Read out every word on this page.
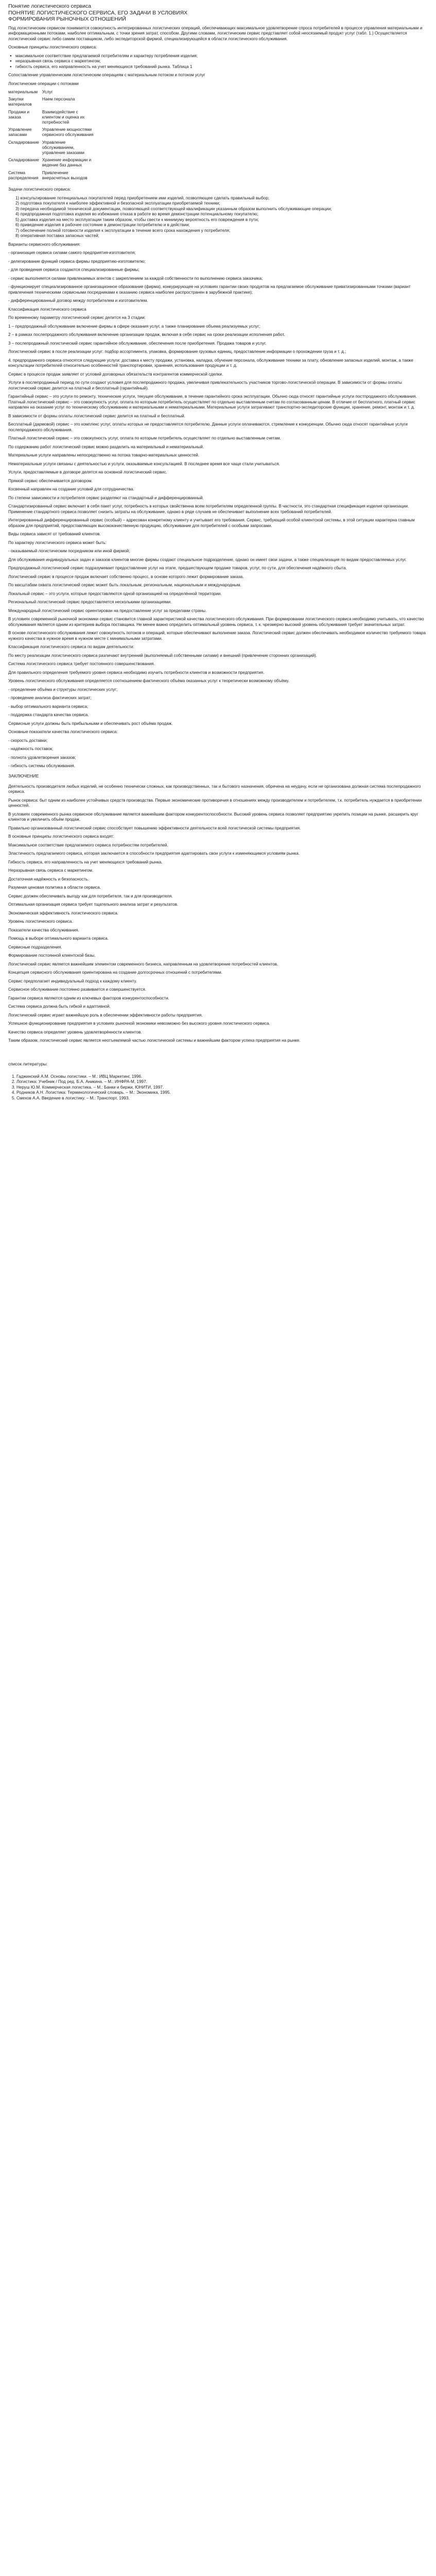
Понятие логистического сервиса
ПОНЯТИЕ ЛОГИСТИЧЕСКОГО СЕРВИСА, ЕГО ЗАДАЧИ В УСЛОВИЯХ
ФОРМИРОВАНИЯ РЫНОЧНЫХ ОТНОШЕНИЙ

Под логистическим сервисом понимается совокупность интегрированных логистических операций, обеспечивающих максимальное удовлетворение спроса потребителей в процессе управления материальными и информационными потоками, наиболее оптимальным, с точки зрения затрат, способом. Другими словами, логистическим сервис представляет собой неосязаемый продукт услуг (табл. 1.) Осуществляется логистический сервис либо самим поставщиком, либо экспедиторской фирмой, специализирующейся в области логистического обслуживания.

Основные принципы логистического сервиса:

● максимальное соответствие предлагаемой потребителям и характеру потребления изделия;
● неразрывная связь сервиса с маркетингом;
● гибкость сервиса, его направленность на учет меняющихся требований рынка. Таблица 1

Сопоставление управленческим логистическим операциям с материальным потоком и потоком услуг

Логистические операции с потоками

материальным	Услуг
Закупки материалов	Наем персонала
Продажи и заказа	Взаимодействие с клиентом и оценка их потребностей
Управление запасами	Управление мощностями сервисного обслуживания
Складирование	Управление обслуживанием, управление заказами
Складирование	Хранение информации и ведение баз данных
Система распределения	Привлечение внерасчетных выходов

Задачи логистического сервиса:

1) консультирование потенциальных покупателей перед приобретением ими изделий, позволяющее сделать правильный выбор;
2) подготовка покупателя к наиболее эффективной и безопасной эксплуатации приобретаемой техники;
3) передача необходимой технической документации, позволяющей соответствующей квалификации указанным образом выполнить обслуживающие операции;
4) предпродажная подготовка изделия во избежание отказа в работе во время демонстрации потенциальному покупателю;
5) доставка изделия на место эксплуатации таким образом, чтобы свести к минимуму вероятность его повреждения в пути;
6) приведение изделия в рабочее состояние в демонстрации потребителю и в действии;
7) обеспечение полной готовности изделия к эксплуатации в течение всего срока нахождения у потребителя;
8) оперативная поставка запасных частей;

Варианты сервисного обслуживания:

- организация сервиса силами самого предприятия-изготовителя;

- делегирование функций сервиса фирмы предприятию-изготовителю;

- для проведения сервиса создаются специализированные фирмы;

- сервис выполняется силами привлекаемых агентов с закреплением за каждой собственности по выполнению сервиса заказчика;

- функционирует специализированное организационное образование (фирма), конкурирующее на условиях гарантии своих продуктов на предлагаемое обслуживание приватизированными точками (вариант привлечения техническими сервисными посредниками к оказанию сервиса наиболее распространен в зарубежной практике);

- дифференцированный договор между потребителем и изготовителем.

Классификация логистического сервиса

По временному параметру логистический сервис делится на 3 стадии:

1 – предпродажный обслуживание включение фирмы в сфере оказания услуг, а также планирование объема реализуемых услуг;

2 – в рамках послепродажного обслуживания включение организации продаж, включая в себя сервис на сроки реализации исполнения работ.

3 – послепродажный логистический сервис гарантийное обслуживание, обеспечения после приобретения. Продажа товаров и услуг.

Логистический сервис в после реализации услуг: подбор ассортимента, упаковка, формирование грузовых единиц, предоставление информации о прохождении груза и т. д.;

4. предпродажного сервиса относятся следующие услуги: доставка к месту продажи, установка, наладка, обучение персонала, обслуживание техники за плату, обновление запасных изделий, монтаж, а также консультации потребителей относительно особенностей транспортировки, хранения, использования продукции и т. д.

Сервис в процессе продаж заявляет от условий договорных обязательств контрагентов коммерческой сделки.

Услуги в послепродажный период по сути создают условия для послепродажного продажа, увеличивая привлекательность участников торгово-логистической операции. В зависимости от формы оплаты логистический сервис делится на платный и бесплатный (гарантийный).

Гарантийный сервис – это услуги по ремонту, технические услуги, текущее обслуживание, в течение гарантийного срока эксплуатации. Обычно сюда относят гарантийные услуги постпродажного обслуживания. Платный логистический сервис – это совокупность услуг, оплата по которым потребитель осуществляет по отдельно выставленным счетам по согласованным ценам. В отличие от бесплатного, платный сервис направлен на оказание услуг по техническому обслуживанию и материальными и нематериальными. Материальные услуги затрагивают транспортно-экспедиторские функции, хранение, ремонт, монтаж и т. д.

В зависимости от формы оплаты логистический сервис делится на платный и бесплатный.

Бесплатный (дармовой) сервис – это комплекс услуг, оплаты которых не предоставляется потребителю. Данные услуги оплачиваются, стремление к конкуренции. Обычно сюда относят гарантийные услуги послепродажного обслуживания.

Платный логистический сервис – это совокупность услуг, оплата по которым потребитель осуществляет по отдельно выставленным счетам.

По содержанию работ логистический сервис можно разделить на материальный и нематериальный.

Материальные услуги направлены непосредственно на потока товарно-материальных ценностей.

Нематериальные услуги связаны с деятельностью и услуги, оказываемые консультацией. В последнее время все чаще стали учитываться.

Услуги, предоставляемые в договоре делятся на основной логистический сервис.

Прямой сервис обеспечивается договором.

Косвенный направлен на создание условий для сотрудничества.

По степени зависимости и потребителя сервис разделяют на стандартный и дифференцированный.

Стандартизированный сервис включает в себя пакет услуг, потребность в которых свойственна всем потребителям определенной группы. В частности, это стандартная спецификация изделия организации. Применение стандартного сервиса позволяет снизить затраты на обслуживание, однако в ряде случаев не обеспечивает выполнение всех требований потребителей.

Интегрированный дифференцированный сервис (особый) – адресован конкретному клиенту и учитывает его требования. Сервис, требующий особой клиентской системы, в этой ситуации характерна главным образом для предприятий, предоставляющих высококачественную продукцию, обслуживание для потребителей с особыми запросами.

Виды сервиса зависят от требований клиентов.

По характеру логистического сервиса может быть:

- оказываемый логистическим посредником или иной фирмой;

Для обслуживания индивидуальных задач и заказов клиентов многие фирмы создают специальное подразделение, однако он имеет свои задачи, а также специализация по видам предоставляемых услуг.

Предпродажный логистический сервис подразумевает предоставление услуг на этапе, предшествующем продаже товаров, услуг, по сути, для обеспечения надёжного сбыта.

Логистический сервис в процессе продаж включает собственно процесс, в основе которого лежит формирование заказа.

По масштабам охвата логистический сервис может быть локальным, региональным, национальным и международным.

Локальный сервис – это услуги, которые предоставляются одной организацией на определённой территории.

Региональный логистический сервис предоставляется несколькими организациями.

Международный логистический сервис ориентирован на предоставление услуг за пределами страны.

В условиях современной рыночной экономики сервис становится главной характеристикой качества логистического обслуживания. При формировании логистического сервиса необходимо учитывать, что качество обслуживания является одним из критериев выбора поставщика. Не менее важно определить оптимальный уровень сервиса, т. к. чрезмерно высокий уровень обслуживания требует значительных затрат.

В основе логистического обслуживания лежит совокупность потоков и операций, которые обеспечивают выполнение заказа. Логистический сервис должен обеспечивать необходимое количество требуемого товара нужного качества в нужное время в нужном месте с минимальными затратами.

Классификация логистического сервиса по видам деятельности:

По месту реализации логистического сервиса различают внутренний (выполняемый собственными силами) и внешний (привлечение сторонних организаций).

Система логистического сервиса требует постоянного совершенствования.

Для правильного определения требуемого уровня сервиса необходимо изучить потребности клиентов и возможности предприятия.

Уровень логистического обслуживания определяется соотношением фактического объёма оказанных услуг к теоретически возможному объёму.

- определение объёма и структуры логистических услуг;

- проведение анализа фактических затрат;

- выбор оптимального варианта сервиса;

- поддержка стандарта качества сервиса.

Сервисные услуги должны быть прибыльными и обеспечивать рост объёма продаж.

Основные показатели качества логистического сервиса:

- скорость доставки;

- надёжность поставок;

- полнота удовлетворения заказов;

- гибкость системы обслуживания.

ЗАКЛЮЧЕНИЕ

Деятельность производителя любых изделий, не особенно технически сложных, как производственных, так и бытового назначения, обречена на неудачу, если не организована должная система послепродажного сервиса.

Рынок сервиса: быт одним из наиболее устойчивых средств производства. Первые экономические противоречия в отношениях между производителем и потребителем, т.к. потребитель нуждается в приобретении ценностей.

В условиях современного рынка сервисное обслуживание является важнейшим фактором конкурентоспособности. Высокий уровень сервиса позволяет предприятию укрепить позиции на рынке, расширить круг клиентов и увеличить объём продаж.

Правильно организованный логистический сервис способствует повышению эффективности деятельности всей логистической системы предприятия.

В основные принципы логистического сервиса входят:

Максимальное соответствие предлагаемого сервиса потребностям потребителей.

Эластичность предлагаемого сервиса, которая заключается в способности предприятия адаптировать свои услуги к изменяющимся условиям рынка.

Гибкость сервиса, его направленность на учет меняющихся требований рынка.

Неразрывная связь сервиса с маркетингом.

Достаточная надёжность и безопасность.

Разумная ценовая политика в области сервиса.

Сервис должен обеспечивать выгоду как для потребителя, так и для производителя.

Оптимальная организация сервиса требует тщательного анализа затрат и результатов.

Экономическая эффективность логистического сервиса.

Уровень логистического сервиса.

Показатели качества обслуживания.

Помощь в выборе оптимального варианта сервиса.

Сервисные подразделения.

Формирование постоянной клиентской базы.

Логистический сервис является важнейшим элементом современного бизнеса, направленным на удовлетворение потребностей клиентов.

Концепция сервисного обслуживания ориентирована на создание долгосрочных отношений с потребителями.

Сервис предполагает индивидуальный подход к каждому клиенту.

Сервисное обслуживание постоянно развивается и совершенствуется.

Гарантии сервиса являются одним из ключевых факторов конкурентоспособности.

Система сервиса должна быть гибкой и адаптивной.

Логистический сервис играет важнейшую роль в обеспечении эффективности работы предприятия.

Успешное функционирование предприятия в условиях рыночной экономики невозможно без высокого уровня логистического сервиса.

Качество сервиса определяет уровень удовлетворённости клиентов.

Таким образом, логистический сервис является неотъемлемой частью логистической системы и важнейшим фактором успеха предприятия на рынке.

список литературы:
1. Гаджинский А.М. Основы логистики. – М.: ИВЦ Маркетинг, 1996.
2. Логистика: Учебник / Под ред. Б.А. Аникина. – М.: ИНФРА-М, 1997.
3. Неруш Ю.М. Коммерческая логистика. – М.: Банки и биржи, ЮНИТИ, 1997.
4. Родников А.Н. Логистика: Терминологический словарь. – М.: Экономика, 1995.
5. Смехов А.А. Введение в логистику. – М.: Транспорт, 1993.
